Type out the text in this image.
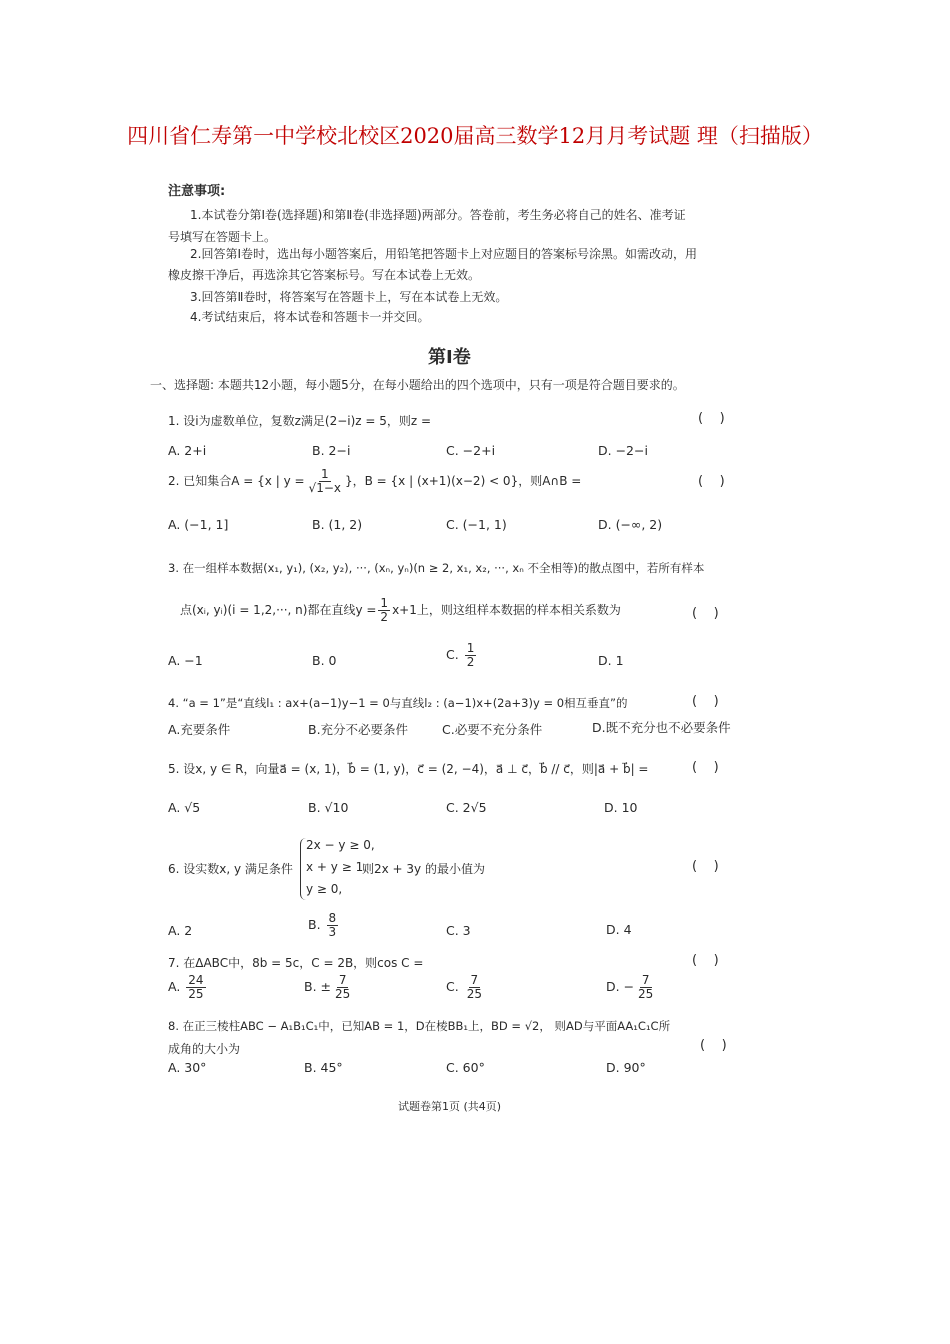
四川省仁寿第一中学校北校区2020届高三数学12月月考试题 理（扫描版）
注意事项:
1.本试卷分第Ⅰ卷(选择题)和第Ⅱ卷(非选择题)两部分。答卷前，考生务必将自己的姓名、准考证
号填写在答题卡上。
2.回答第Ⅰ卷时，选出每小题答案后，用铅笔把答题卡上对应题目的答案标号涂黑。如需改动，用
橡皮擦干净后，再选涂其它答案标号。写在本试卷上无效。
3.回答第Ⅱ卷时，将答案写在答题卡上，写在本试卷上无效。
4.考试结束后，将本试卷和答题卡一并交回。
第Ⅰ卷
一、选择题: 本题共12小题，每小题5分，在每小题给出的四个选项中，只有一项是符合题目要求的。
1. 设i为虚数单位，复数z满足(2−i)z = 5，则z =	(    )
A. 2+i	B. 2−i	C. −2+i	D. −2−i
2. 已知集合A = {x | $y = \frac{1}{√1-x}$ }，B = {x | (x+1)(x−2) < 0}，则A∩B =	(    )
A. (−1, 1]	B. (1, 2)	C. (−1, 1)	D. (−∞, 2)
3. 在一组样本数据(x₁, y₁), (x₂, y₂), ···, (xₙ, yₙ)(n ≥ 2, x₁, x₂, ···, xₙ 不全相等)的散点图中，若所有样本
点(xᵢ, yᵢ)(i = 1,2,···, n)都在直线$y = \frac{1}{2} x+1$上，则这组样本数据的样本相关系数为	(    )
A. −1	B. 0	C. $\frac{1}{2}$	D. 1
4. “a = 1”是“直线l₁ : ax+(a−1)y−1 = 0与直线l₂ : (a−1)x+(2a+3)y = 0相互垂直”的	(    )
A.充要条件	B.充分不必要条件	C.必要不充分条件	D.既不充分也不必要条件
5. 设x, y ∈ R，向量a⃗ = (x, 1)，b⃗ = (1, y)，c⃗ = (2, −4)，a⃗ ⊥ c⃗，b⃗ // c⃗，则|a⃗ + b⃗| =	(    )
A. √5	B. √10	C. 2√5	D. 10
6. 设实数x, y 满足条件
2x − y ≥ 0,
x + y ≥ 1,
y ≥ 0,
则2x + 3y 的最小值为	(    )
A. 2	B. $\frac{8}{3}$	C. 3	D. 4
7. 在ΔABC中，8b = 5c，C = 2B，则cos C =	(    )
A. $\frac{24}{25}$	B. ± $\frac{7}{25}$	C. $\frac{7}{25}$	D. − $\frac{7}{25}$
8. 在正三棱柱ABC − A₁B₁C₁中，已知AB = 1，D在棱BB₁上，BD = √2， 则AD与平面AA₁C₁C所
成角的大小为	(    )
A. 30°	B. 45°	C. 60°	D. 90°
试题卷第1页 (共4页)
